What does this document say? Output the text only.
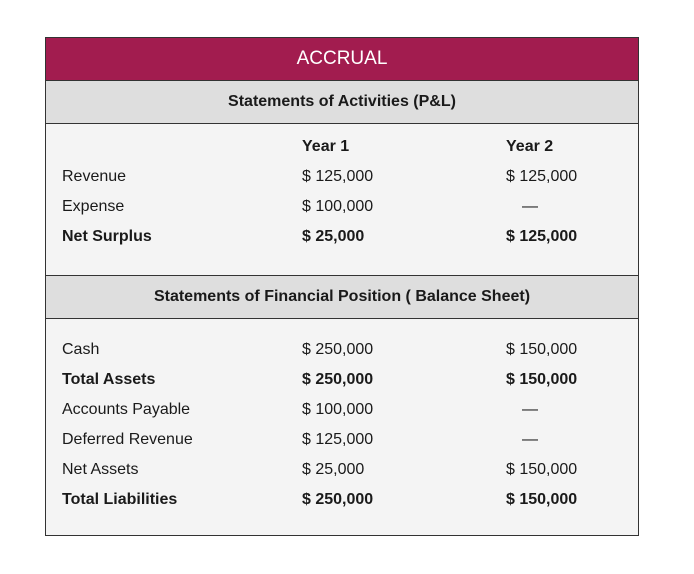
ACCRUAL
Statements of Activities (P&L)
Year 1	Year 2
Revenue	$ 125,000	$ 125,000
Expense	$ 100,000	—
Net Surplus	$ 25,000	$ 125,000
Statements of Financial Position ( Balance Sheet)
Cash	$ 250,000	$ 150,000
Total Assets	$ 250,000	$ 150,000
Accounts Payable	$ 100,000	—
Deferred Revenue	$ 125,000	—
Net Assets	$ 25,000	$ 150,000
Total Liabilities	$ 250,000	$ 150,000
